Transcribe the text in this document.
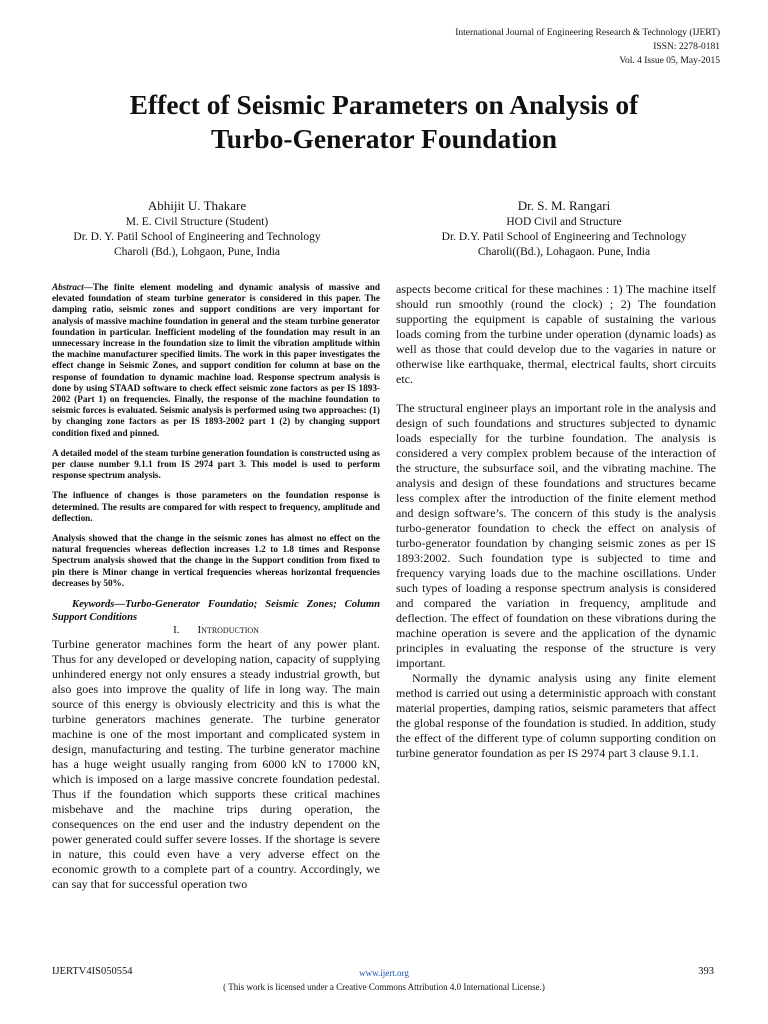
International Journal of Engineering Research & Technology (IJERT)
ISSN: 2278-0181
Vol. 4 Issue 05, May-2015
Effect of Seismic Parameters on Analysis of
Turbo-Generator Foundation
Abhijit U. Thakare
M. E. Civil Structure (Student)
Dr. D. Y. Patil School of Engineering and Technology
Charoli (Bd.), Lohgaon, Pune, India
Dr. S. M. Rangari
HOD Civil and Structure
Dr. D.Y. Patil School of Engineering and Technology
Charoli((Bd.), Lohagaon. Pune, India

Abstract—The finite element modeling and dynamic analysis of massive and elevated foundation of steam turbine generator is considered in this paper. The damping ratio, seismic zones and support conditions are very important for analysis of massive machine foundation in general and the steam turbine generator foundation in particular. Inefficient modeling of the foundation may result in an unnecessary increase in the foundation size to limit the vibration amplitude within the machine manufacturer specified limits. The work in this paper investigates the effect change in Seismic Zones, and support condition for column at base on the response of foundation to dynamic machine load. Response spectrum analysis is done by using STAAD software to check effect seismic zone factors as per IS 1893-2002 (Part 1) on frequencies. Finally, the response of the machine foundation to seismic forces is evaluated. Seismic analysis is performed using two approaches: (1) by changing zone factors as per IS 1893-2002 part 1 (2) by changing support condition fixed and pinned.

A detailed model of the steam turbine generation foundation is constructed using as per clause number 9.1.1 from IS 2974 part 3. This model is used to perform response spectrum analysis.

The influence of changes is those parameters on the foundation response is determined. The results are compared for with respect to frequency, amplitude and deflection.

Analysis showed that the change in the seismic zones has almost no effect on the natural frequencies whereas deflection increases 1.2 to 1.8 times and Response Spectrum analysis showed that the change in the Support condition from fixed to pin there is Minor change in vertical frequencies whereas horizontal frequencies decreases by 50%.

Keywords—Turbo-Generator Foundatio; Seismic Zones; Column Support Conditions

I. Introduction

Turbine generator machines form the heart of any power plant. Thus for any developed or developing nation, capacity of supplying unhindered energy not only ensures a steady industrial growth, but also goes into improve the quality of life in long way. The main source of this energy is obviously electricity and this is what the turbine generators machines generate. The turbine generator machine is one of the most important and complicated system in design, manufacturing and testing. The turbine generator machine has a huge weight usually ranging from 6000 kN to 17000 kN, which is imposed on a large massive concrete foundation pedestal. Thus if the foundation which supports these critical machines misbehave and the machine trips during operation, the consequences on the end user and the industry dependent on the power generated could suffer severe losses. If the shortage is severe in nature, this could even have a very adverse effect on the economic growth to a complete part of a country. Accordingly, we can say that for successful operation two

aspects become critical for these machines : 1) The machine itself should run smoothly (round the clock) ; 2) The foundation supporting the equipment is capable of sustaining the various loads coming from the turbine under operation (dynamic loads) as well as those that could develop due to the vagaries in nature or otherwise like earthquake, thermal, electrical faults, short circuits etc.

The structural engineer plays an important role in the analysis and design of such foundations and structures subjected to dynamic loads especially for the turbine foundation. The analysis is considered a very complex problem because of the interaction of the structure, the subsurface soil, and the vibrating machine. The analysis and design of these foundations and structures became less complex after the introduction of the finite element method and design software’s. The concern of this study is the analysis turbo-generator foundation to check the effect on analysis of turbo-generator foundation by changing seismic zones as per IS 1893:2002. Such foundation type is subjected to time and frequency varying loads due to the machine oscillations. Under such types of loading a response spectrum analysis is considered and compared the variation in frequency, amplitude and deflection. The effect of foundation on these vibrations during the machine operation is severe and the application of the dynamic principles in evaluating the response of the structure is very important.

Normally the dynamic analysis using any finite element method is carried out using a deterministic approach with constant material properties, damping ratios, seismic parameters that affect the global response of the foundation is studied. In addition, study the effect of the different type of column supporting condition on turbine generator foundation as per IS 2974 part 3 clause 9.1.1.

IJERTV4IS050554	www.ijert.org	393
( This work is licensed under a Creative Commons Attribution 4.0 International License.)
